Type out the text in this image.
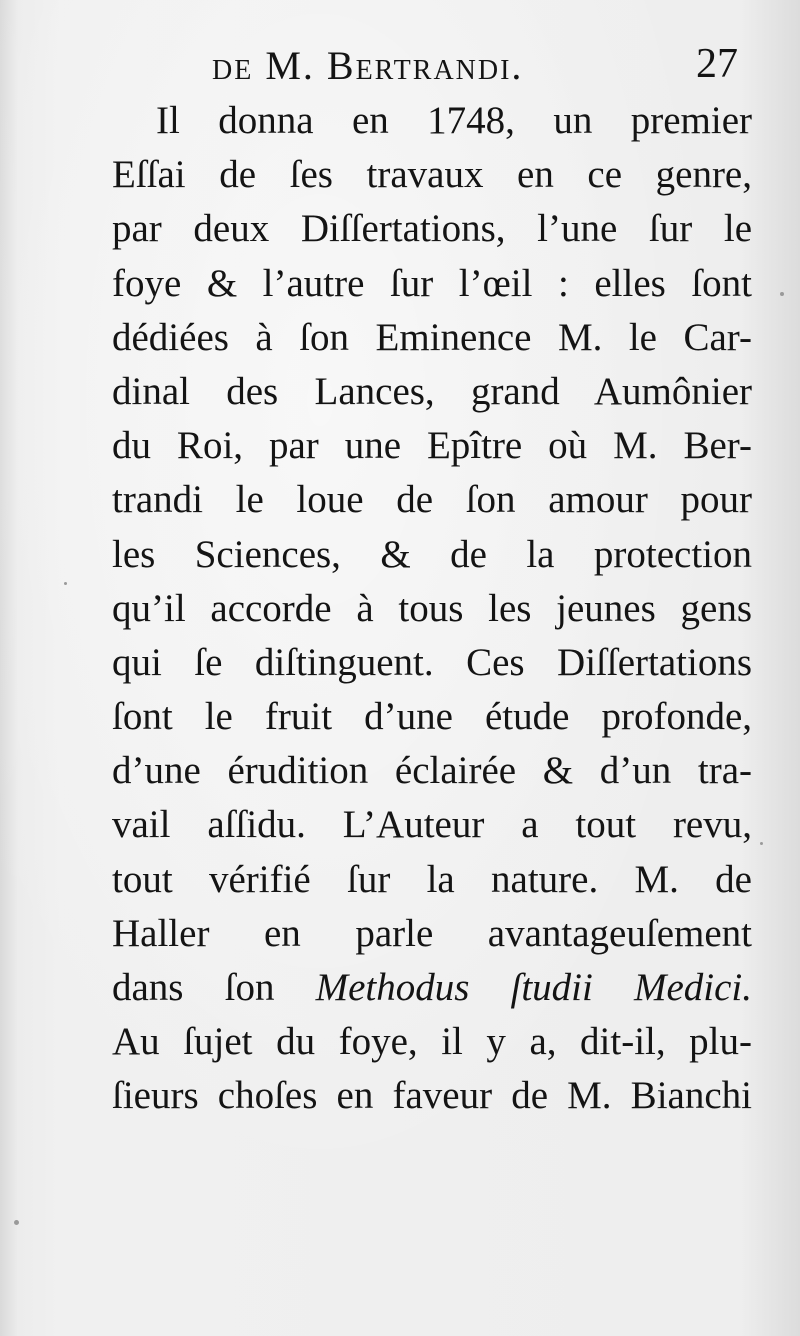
de M. Bertrandi.	27
Il donna en 1748, un premier
Eſſai de ſes travaux en ce genre,
par deux Diſſertations, l’une ſur le
foye & l’autre ſur l’œil : elles ſont
dédiées à ſon Eminence M. le Car-
dinal des Lances, grand Aumônier
du Roi, par une Epître où M. Ber-
trandi le loue de ſon amour pour
les Sciences, & de la protection
qu’il accorde à tous les jeunes gens
qui ſe diſtinguent. Ces Diſſertations
ſont le fruit d’une étude profonde,
d’une érudition éclairée & d’un tra-
vail aſſidu. L’Auteur a tout revu,
tout vérifié ſur la nature. M. de
Haller en parle avantageuſement
dans ſon Methodus ſtudii Medici.
Au ſujet du foye, il y a, dit-il, plu-
ſieurs choſes en faveur de M. Bianchi
